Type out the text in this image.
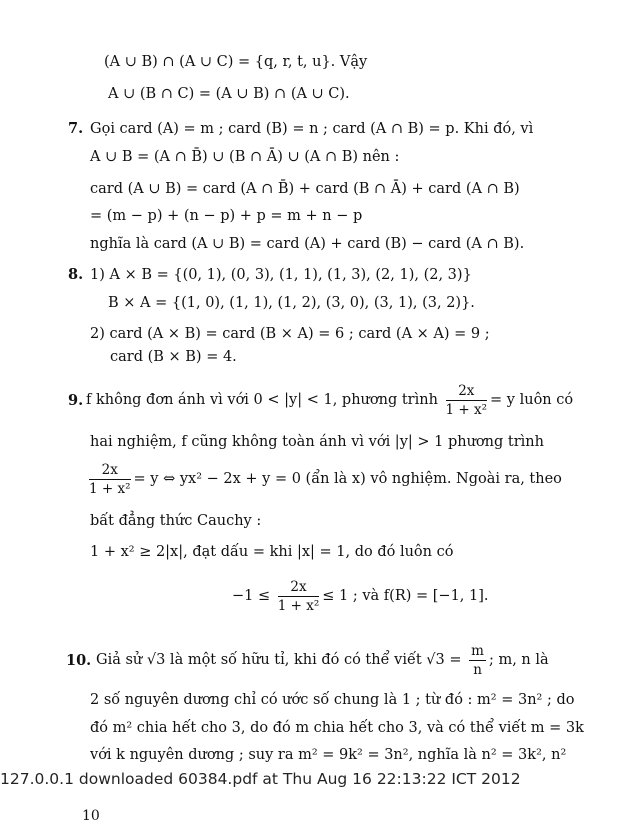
(A ∪ B) ∩ (A ∪ C) = {q, r, t, u}. Vậy
A ∪ (B ∩ C) = (A ∪ B) ∩ (A ∪ C).
7. Gọi card (A) = m ; card (B) = n ; card (A ∩ B) = p. Khi đó, vì
A ∪ B = (A ∩ B̄) ∪ (B ∩ Ā) ∪ (A ∩ B) nên :
card (A ∪ B) = card (A ∩ B̄) + card (B ∩ Ā) + card (A ∩ B)
= (m − p) + (n − p) + p = m + n − p
nghĩa là card (A ∪ B) = card (A) + card (B) − card (A ∩ B).
8. 1) A × B = {(0, 1), (0, 3), (1, 1), (1, 3), (2, 1), (2, 3)}
B × A = {(1, 0), (1, 1), (1, 2), (3, 0), (3, 1), (3, 2)}.
2) card (A × B) = card (B × A) = 6 ; card (A × A) = 9 ;
card (B × B) = 4.
9. f không đơn ánh vì với 0 < |y| < 1, phương trình $\frac{2x}{\text{1 + x²}} = y$ luôn có
hai nghiệm, f cũng không toàn ánh vì với |y| > 1 phương trình
$\frac{2x}{\text{1 + x²}} = y$ ⇔ yx² − 2x + y = 0 (ẩn là x) vô nghiệm. Ngoài ra, theo
bất đẳng thức Cauchy :
1 + x² ≥ 2|x|, đạt dấu = khi |x| = 1, do đó luôn có
$-1 \le \frac{2x}{\text{1 + x²}} \le 1$ ; và f(R) = [−1, 1].
10. Giả sử √3 là một số hữu tỉ, khi đó có thể viết $√3 = \frac{m}{n}$ ; m, n là
2 số nguyên dương chỉ có ước số chung là 1 ; từ đó : m² = 3n² ; do
đó m² chia hết cho 3, do đó m chia hết cho 3, và có thể viết m = 3k
với k nguyên dương ; suy ra m² = 9k² = 3n², nghĩa là n² = 3k², n²
127.0.0.1 downloaded 60384.pdf at Thu Aug 16 22:13:22 ICT 2012
10
